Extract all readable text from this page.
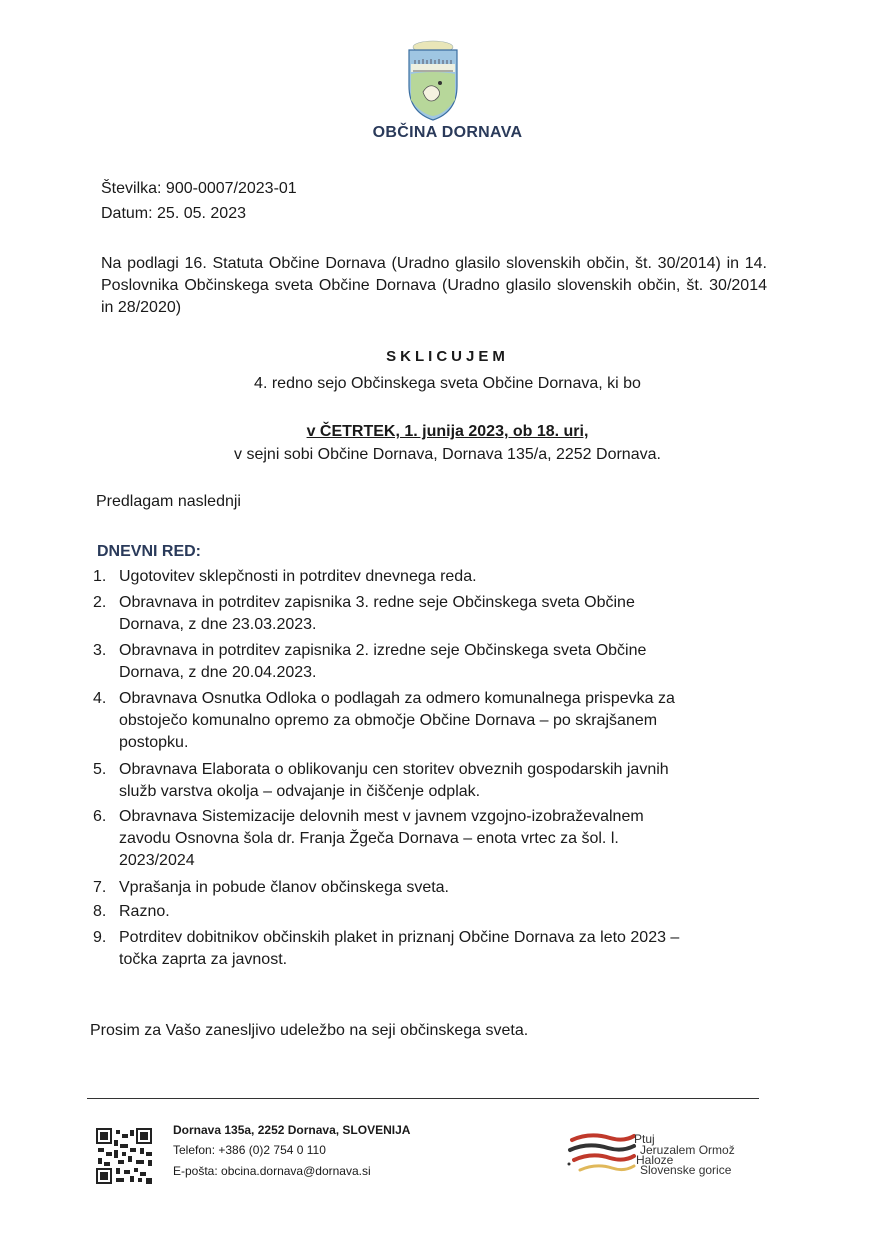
OBČINA DORNAVA
Številka: 900-0007/2023-01
Datum: 25. 05. 2023
Na podlagi 16. Statuta Občine Dornava (Uradno glasilo slovenskih občin, št. 30/2014) in 14. Poslovnika Občinskega sveta Občine Dornava (Uradno glasilo slovenskih občin, št. 30/2014 in 28/2020)
SKLICUJEM
4. redno sejo Občinskega sveta Občine Dornava, ki bo
v ČETRTEK, 1. junija 2023, ob 18. uri,
v sejni sobi Občine Dornava, Dornava 135/a, 2252 Dornava.
Predlagam naslednji
DNEVNI RED:
1. Ugotovitev sklepčnosti in potrditev dnevnega reda.
2. Obravnava in potrditev zapisnika 3. redne seje Občinskega sveta Občine
Dornava, z dne 23.03.2023.
3. Obravnava in potrditev zapisnika 2. izredne seje Občinskega sveta Občine
Dornava, z dne 20.04.2023.
4. Obravnava Osnutka Odloka o podlagah za odmero komunalnega prispevka za
obstoječo komunalno opremo za območje Občine Dornava – po skrajšanem
postopku.
5. Obravnava Elaborata o oblikovanju cen storitev obveznih gospodarskih javnih
služb varstva okolja – odvajanje in čiščenje odplak.
6. Obravnava Sistemizacije delovnih mest v javnem vzgojno-izobraževalnem
zavodu Osnovna šola dr. Franja Žgeča Dornava – enota vrtec za šol. l.
2023/2024
7. Vprašanja in pobude članov občinskega sveta.
8. Razno.
9. Potrditev dobitnikov občinskih plaket in priznanj Občine Dornava za leto 2023 –
točka zaprta za javnost.
Prosim za Vašo zanesljivo udeležbo na seji občinskega sveta.
Dornava 135a, 2252 Dornava, SLOVENIJA
Telefon: +386 (0)2 754 0 110
E-pošta: obcina.dornava@dornava.si
Ptuj
Jeruzalem Ormož
Haloze
Slovenske gorice
